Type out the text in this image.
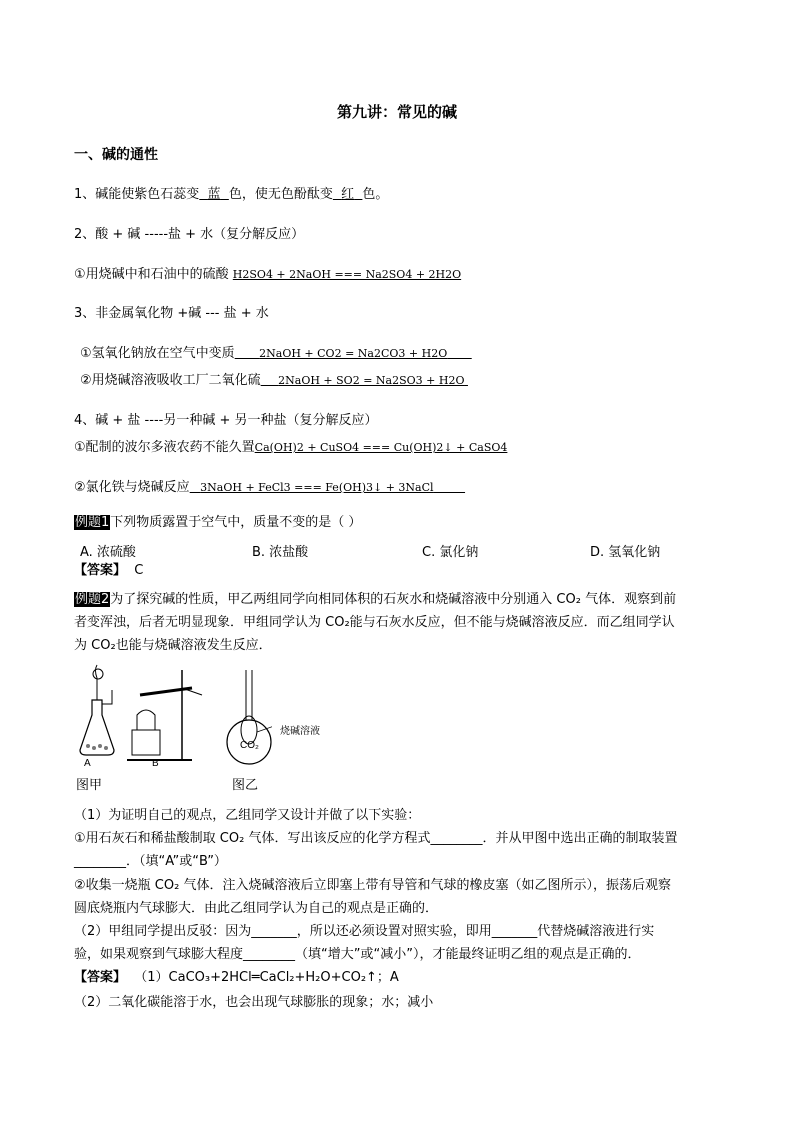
第九讲：常见的碱
一、碱的通性
1、碱能使紫色石蕊变 蓝 色，使无色酚酞变 红 色。
2、酸 + 碱 -----盐 + 水（复分解反应）
①用烧碱中和石油中的硫酸 H2SO4 + 2NaOH === Na2SO4 + 2H2O
3、非金属氧化物 +碱 --- 盐 + 水
①氢氧化钠放在空气中变质 2NaOH + CO2 = Na2CO3 + H2O
②用烧碱溶液吸收工厂二氧化硫 2NaOH + SO2 = Na2SO3 + H2O
4、碱 + 盐 ----另一种碱 + 另一种盐（复分解反应）
①配制的波尔多液农药不能久置Ca(OH)2 + CuSO4 === Cu(OH)2↓ + CaSO4
②氯化铁与烧碱反应 3NaOH + FeCl3 === Fe(OH)3↓ + 3NaCl
例题1下列物质露置于空气中，质量不变的是（ ）
A. 浓硫酸	B. 浓盐酸	C. 氯化钠	D. 氢氧化钠
【答案】 C
例题2为了探究碱的性质，甲乙两组同学向相同体积的石灰水和烧碱溶液中分别通入 CO₂ 气体．观察到前
者变浑浊，后者无明显现象．甲组同学认为 CO₂能与石灰水反应，但不能与烧碱溶液反应．而乙组同学认
为 CO₂也能与烧碱溶液发生反应．
A	B
烧碱溶液
CO₂
图甲	图乙
（1）为证明自己的观点，乙组同学又设计并做了以下实验：
①用石灰石和稀盐酸制取 CO₂ 气体．写出该反应的化学方程式________．并从甲图中选出正确的制取装置
________．（填“A”或“B”）
②收集一烧瓶 CO₂ 气体．注入烧碱溶液后立即塞上带有导管和气球的橡皮塞（如乙图所示），振荡后观察
圆底烧瓶内气球膨大．由此乙组同学认为自己的观点是正确的．
（2）甲组同学提出反驳：因为_______，所以还必须设置对照实验，即用_______代替烧碱溶液进行实
验，如果观察到气球膨大程度________（填“增大”或“减小”），才能最终证明乙组的观点是正确的．
【答案】 （1）CaCO₃+2HCl═CaCl₂+H₂O+CO₂↑；A
（2）二氧化碳能溶于水，也会出现气球膨胀的现象；水；减小
